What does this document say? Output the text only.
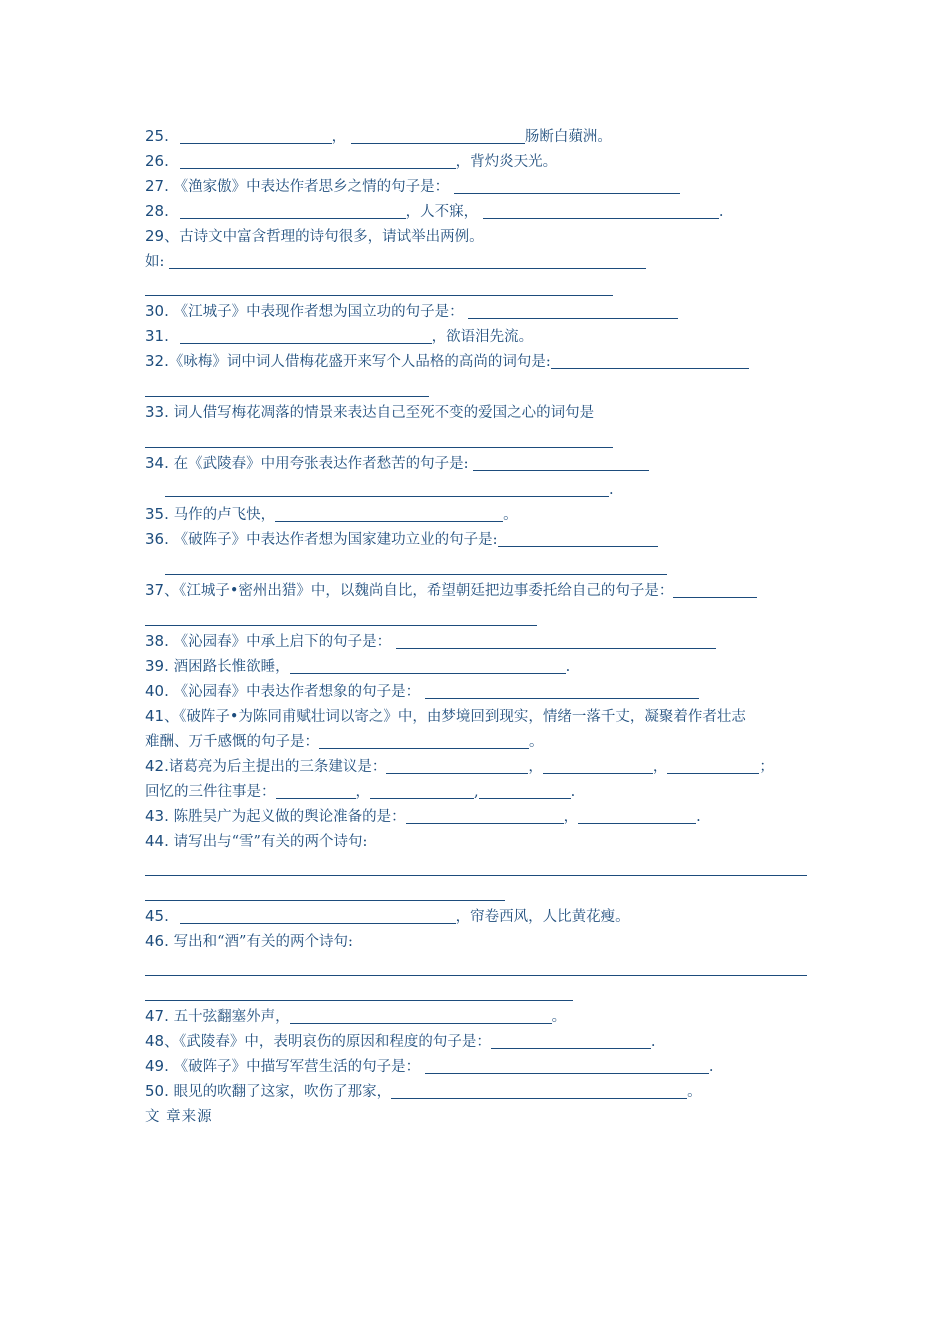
25.	，	肠断白蘋洲。
26.	，背灼炎天光。
27. 《渔家傲》中表达作者思乡之情的句子是：
28.	，人不寐，	.
29、古诗文中富含哲理的诗句很多，请试举出两例。
如:
30. 《江城子》中表现作者想为国立功的句子是：
31.	，欲语泪先流。
32.《咏梅》词中词人借梅花盛开来写个人品格的高尚的词句是:
33. 词人借写梅花凋落的情景来表达自己至死不变的爱国之心的词句是
34. 在《武陵春》中用夸张表达作者愁苦的句子是:
.
35. 马作的卢飞快，	。
36. 《破阵子》中表达作者想为国家建功立业的句子是:
37、《江城子•密州出猎》中，以魏尚自比，希望朝廷把边事委托给自己的句子是：
38. 《沁园春》中承上启下的句子是：
39. 酒困路长惟欲睡，	.
40. 《沁园春》中表达作者想象的句子是：
41、《破阵子•为陈同甫赋壮词以寄之》中，由梦境回到现实，情绪一落千丈，凝聚着作者壮志
难酬、万千感慨的句子是：	。
42.诸葛亮为后主提出的三条建议是：	，	，	；
回忆的三件往事是：	，	,	.
43. 陈胜吴广为起义做的舆论准备的是：	，	.
44. 请写出与“雪”有关的两个诗句:
45.	，帘卷西风，人比黄花瘦。
46. 写出和“酒”有关的两个诗句:
47. 五十弦翻塞外声，	。
48、《武陵春》中，表明哀伤的原因和程度的句子是：	.
49. 《破阵子》中描写军营生活的句子是：	.
50. 眼见的吹翻了这家，吹伤了那家，	。
文 章来源
